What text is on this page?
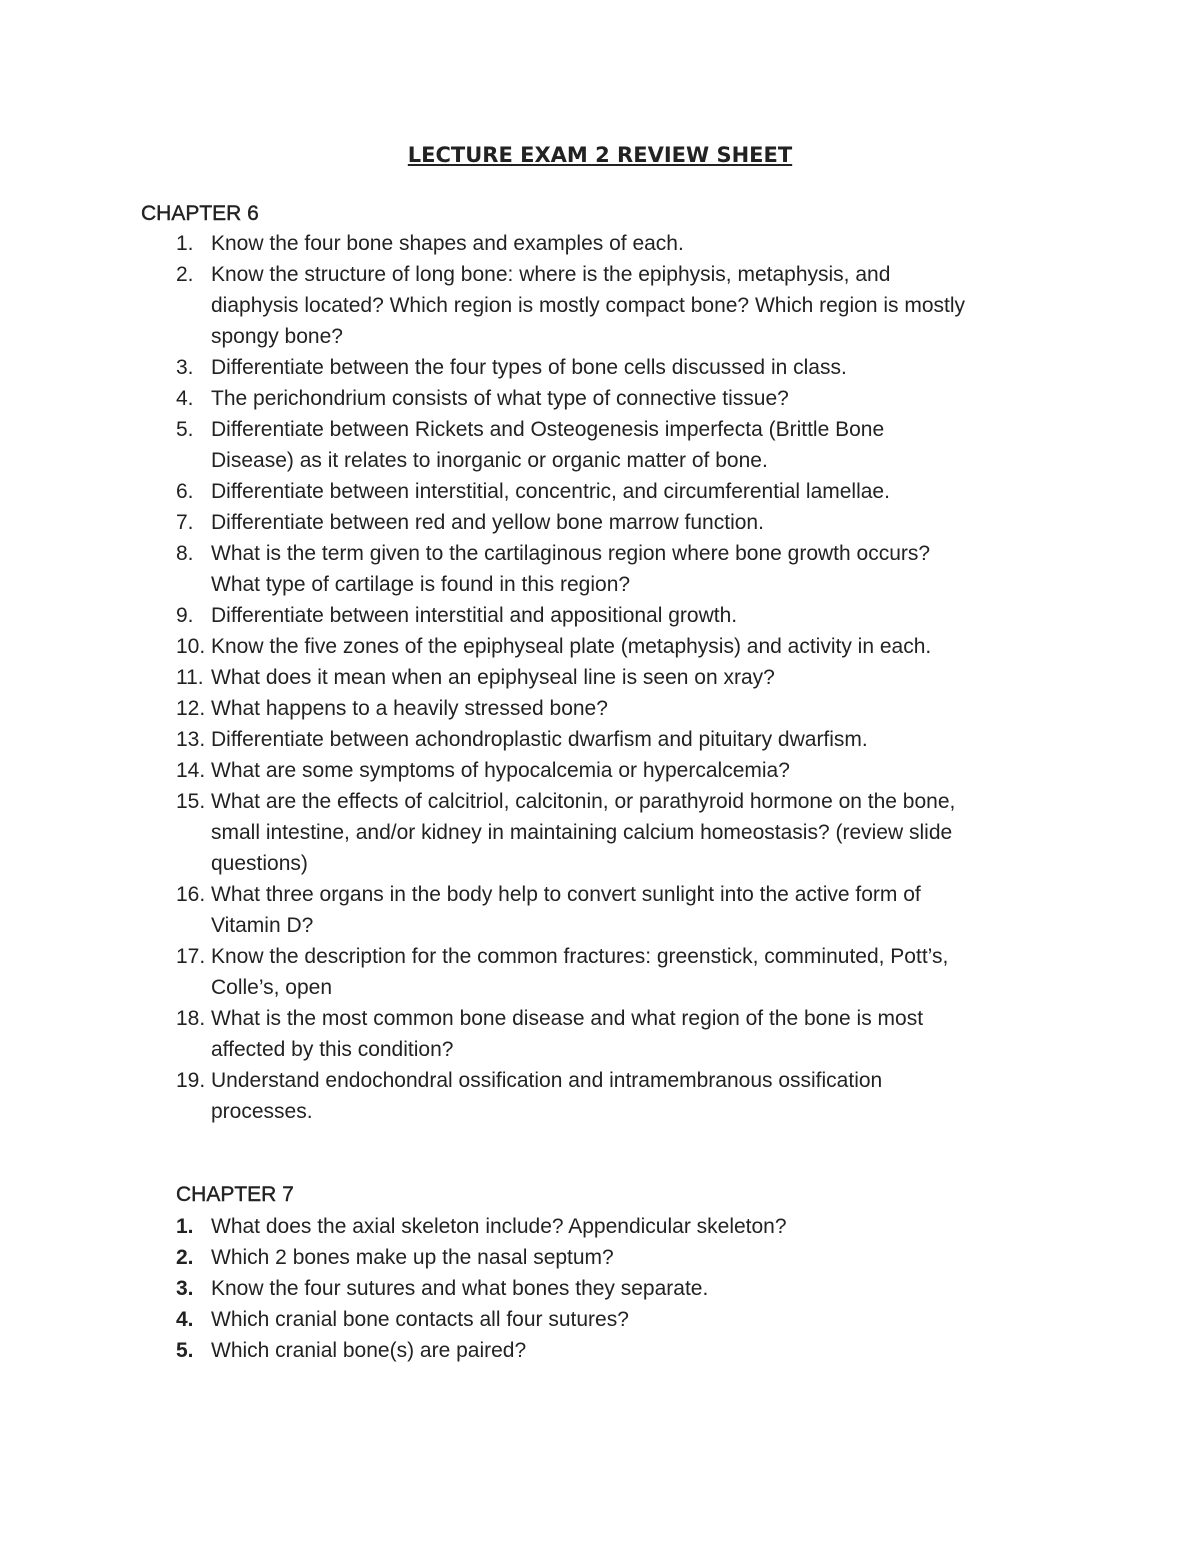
LECTURE EXAM 2 REVIEW SHEET
CHAPTER 6
1. Know the four bone shapes and examples of each.
2. Know the structure of long bone: where is the epiphysis, metaphysis, and
diaphysis located? Which region is mostly compact bone? Which region is mostly
spongy bone?
3. Differentiate between the four types of bone cells discussed in class.
4. The perichondrium consists of what type of connective tissue?
5. Differentiate between Rickets and Osteogenesis imperfecta (Brittle Bone
Disease) as it relates to inorganic or organic matter of bone.
6. Differentiate between interstitial, concentric, and circumferential lamellae.
7. Differentiate between red and yellow bone marrow function.
8. What is the term given to the cartilaginous region where bone growth occurs?
What type of cartilage is found in this region?
9. Differentiate between interstitial and appositional growth.
10. Know the five zones of the epiphyseal plate (metaphysis) and activity in each.
11. What does it mean when an epiphyseal line is seen on xray?
12. What happens to a heavily stressed bone?
13. Differentiate between achondroplastic dwarfism and pituitary dwarfism.
14. What are some symptoms of hypocalcemia or hypercalcemia?
15. What are the effects of calcitriol, calcitonin, or parathyroid hormone on the bone,
small intestine, and/or kidney in maintaining calcium homeostasis? (review slide
questions)
16. What three organs in the body help to convert sunlight into the active form of
Vitamin D?
17. Know the description for the common fractures: greenstick, comminuted, Pott’s,
Colle’s, open
18. What is the most common bone disease and what region of the bone is most
affected by this condition?
19. Understand endochondral ossification and intramembranous ossification
processes.
CHAPTER 7
1. What does the axial skeleton include? Appendicular skeleton?
2. Which 2 bones make up the nasal septum?
3. Know the four sutures and what bones they separate.
4. Which cranial bone contacts all four sutures?
5. Which cranial bone(s) are paired?
